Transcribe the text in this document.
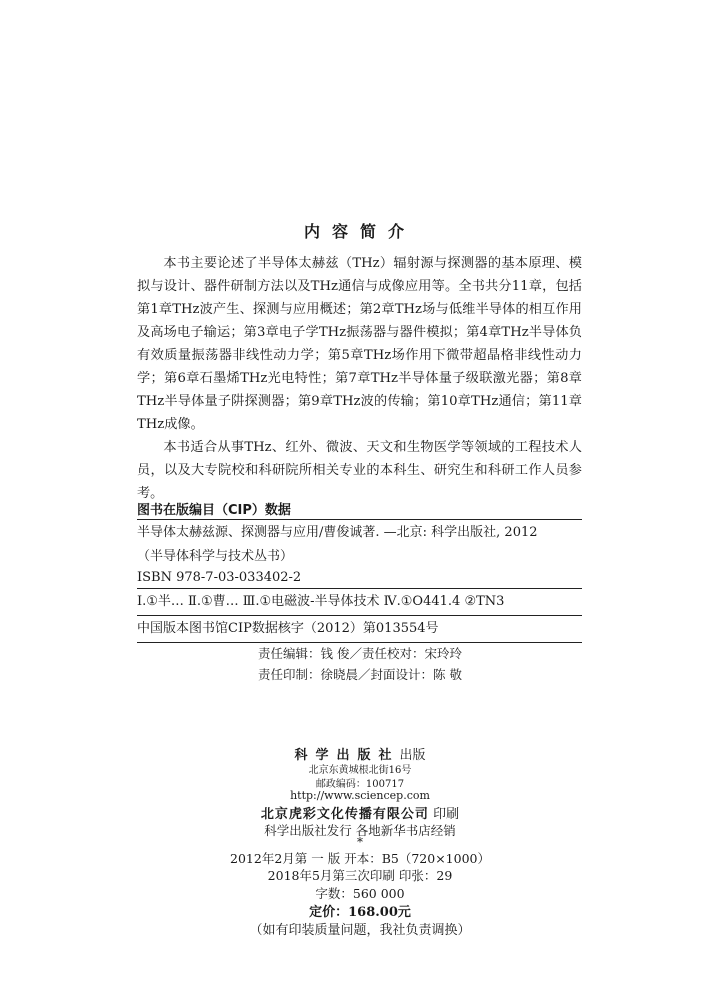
内容简介

本书主要论述了半导体太赫兹（THz）辐射源与探测器的基本原理、模拟与设计、器件研制方法以及THz通信与成像应用等。全书共分11章，包括第1章THz波产生、探测与应用概述；第2章THz场与低维半导体的相互作用及高场电子输运；第3章电子学THz振荡器与器件模拟；第4章THz半导体负有效质量振荡器非线性动力学；第5章THz场作用下微带超晶格非线性动力学；第6章石墨烯THz光电特性；第7章THz半导体量子级联激光器；第8章THz半导体量子阱探测器；第9章THz波的传输；第10章THz通信；第11章THz成像。

本书适合从事THz、红外、微波、天文和生物医学等领域的工程技术人员，以及大专院校和科研院所相关专业的本科生、研究生和科研工作人员参考。

图书在版编目（CIP）数据
半导体太赫兹源、探测器与应用/曹俊诚著. —北京: 科学出版社, 2012
（半导体科学与技术丛书）
ISBN 978-7-03-033402-2
Ⅰ.①半… Ⅱ.①曹… Ⅲ.①电磁波-半导体技术 Ⅳ.①O441.4 ②TN3
中国版本图书馆CIP数据核字（2012）第013554号
责任编辑：钱 俊／责任校对：宋玲玲
责任印制：徐晓晨／封面设计：陈 敬
科学出版社出版
北京东黄城根北街16号
邮政编码：100717
http://www.sciencep.com
北京虎彩文化传播有限公司 印刷
科学出版社发行 各地新华书店经销
*
2012年2月第 一 版 开本：B5（720×1000）
2018年5月第三次印刷 印张：29
字数：560 000
定价：168.00元
（如有印装质量问题，我社负责调换）
